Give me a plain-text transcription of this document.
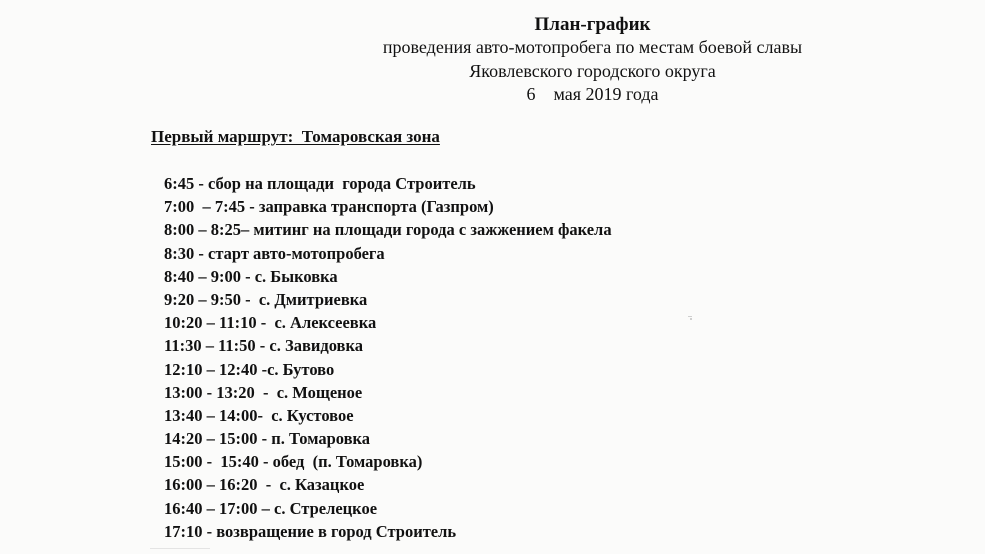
План-график
проведения авто-мотопробега по местам боевой славы
Яковлевского городского округа
6    мая 2019 года
Первый маршрут:  Томаровская зона
6:45 - сбор на площади  города Строитель
7:00  – 7:45 - заправка транспорта (Газпром)
8:00 – 8:25– митинг на площади города с зажжением факела
8:30 - старт авто-мотопробега
8:40 – 9:00 - с. Быковка
9:20 – 9:50 -  с. Дмитриевка
10:20 – 11:10 -  с. Алексеевка
11:30 – 11:50 - с. Завидовка
12:10 – 12:40 -с. Бутово
13:00 - 13:20  -  с. Мощеное
13:40 – 14:00-  с. Кустовое
14:20 – 15:00 - п. Томаровка
15:00 -  15:40 - обед  (п. Томаровка)
16:00 – 16:20  -  с. Казацкое
16:40 – 17:00 – с. Стрелецкое
17:10 - возвращение в город Строитель
